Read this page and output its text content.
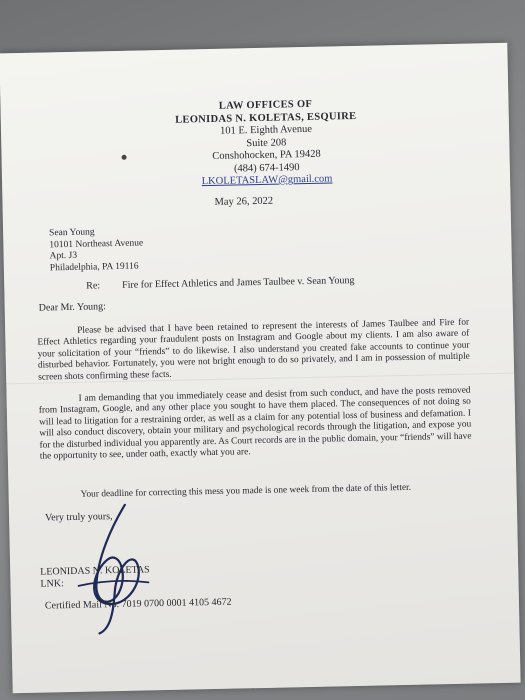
LAW OFFICES OF
LEONIDAS N. KOLETAS, ESQUIRE
101 E. Eighth Avenue
Suite 208
Conshohocken, PA 19428
(484) 674-1490
LKOLETASLAW@gmail.com
May 26, 2022
Sean Young
10101 Northeast Avenue
Apt. J3
Philadelphia, PA 19116
Re: Fire for Effect Athletics and James Taulbee v. Sean Young
Dear Mr. Young:
Please be advised that I have been retained to represent the interests of James Taulbee and Fire for Effect Athletics regarding your fraudulent posts on Instagram and Google about my clients. I am also aware of your solicitation of your “friends” to do likewise. I also understand you created fake accounts to continue your disturbed behavior. Fortunately, you were not bright enough to do so privately, and I am in possession of multiple screen shots confirming these facts.
I am demanding that you immediately cease and desist from such conduct, and have the posts removed from Instagram, Google, and any other place you sought to have them placed. The consequences of not doing so will lead to litigation for a restraining order, as well as a claim for any potential loss of business and defamation. I will also conduct discovery, obtain your military and psychological records through the litigation, and expose you for the disturbed individual you apparently are. As Court records are in the public domain, your “friends” will have the opportunity to see, under oath, exactly what you are.
Your deadline for correcting this mess you made is one week from the date of this letter.
Very truly yours,
LEONIDAS N. KOLETAS
LNK:
Certified Mail No. 7019 0700 0001 4105 4672
